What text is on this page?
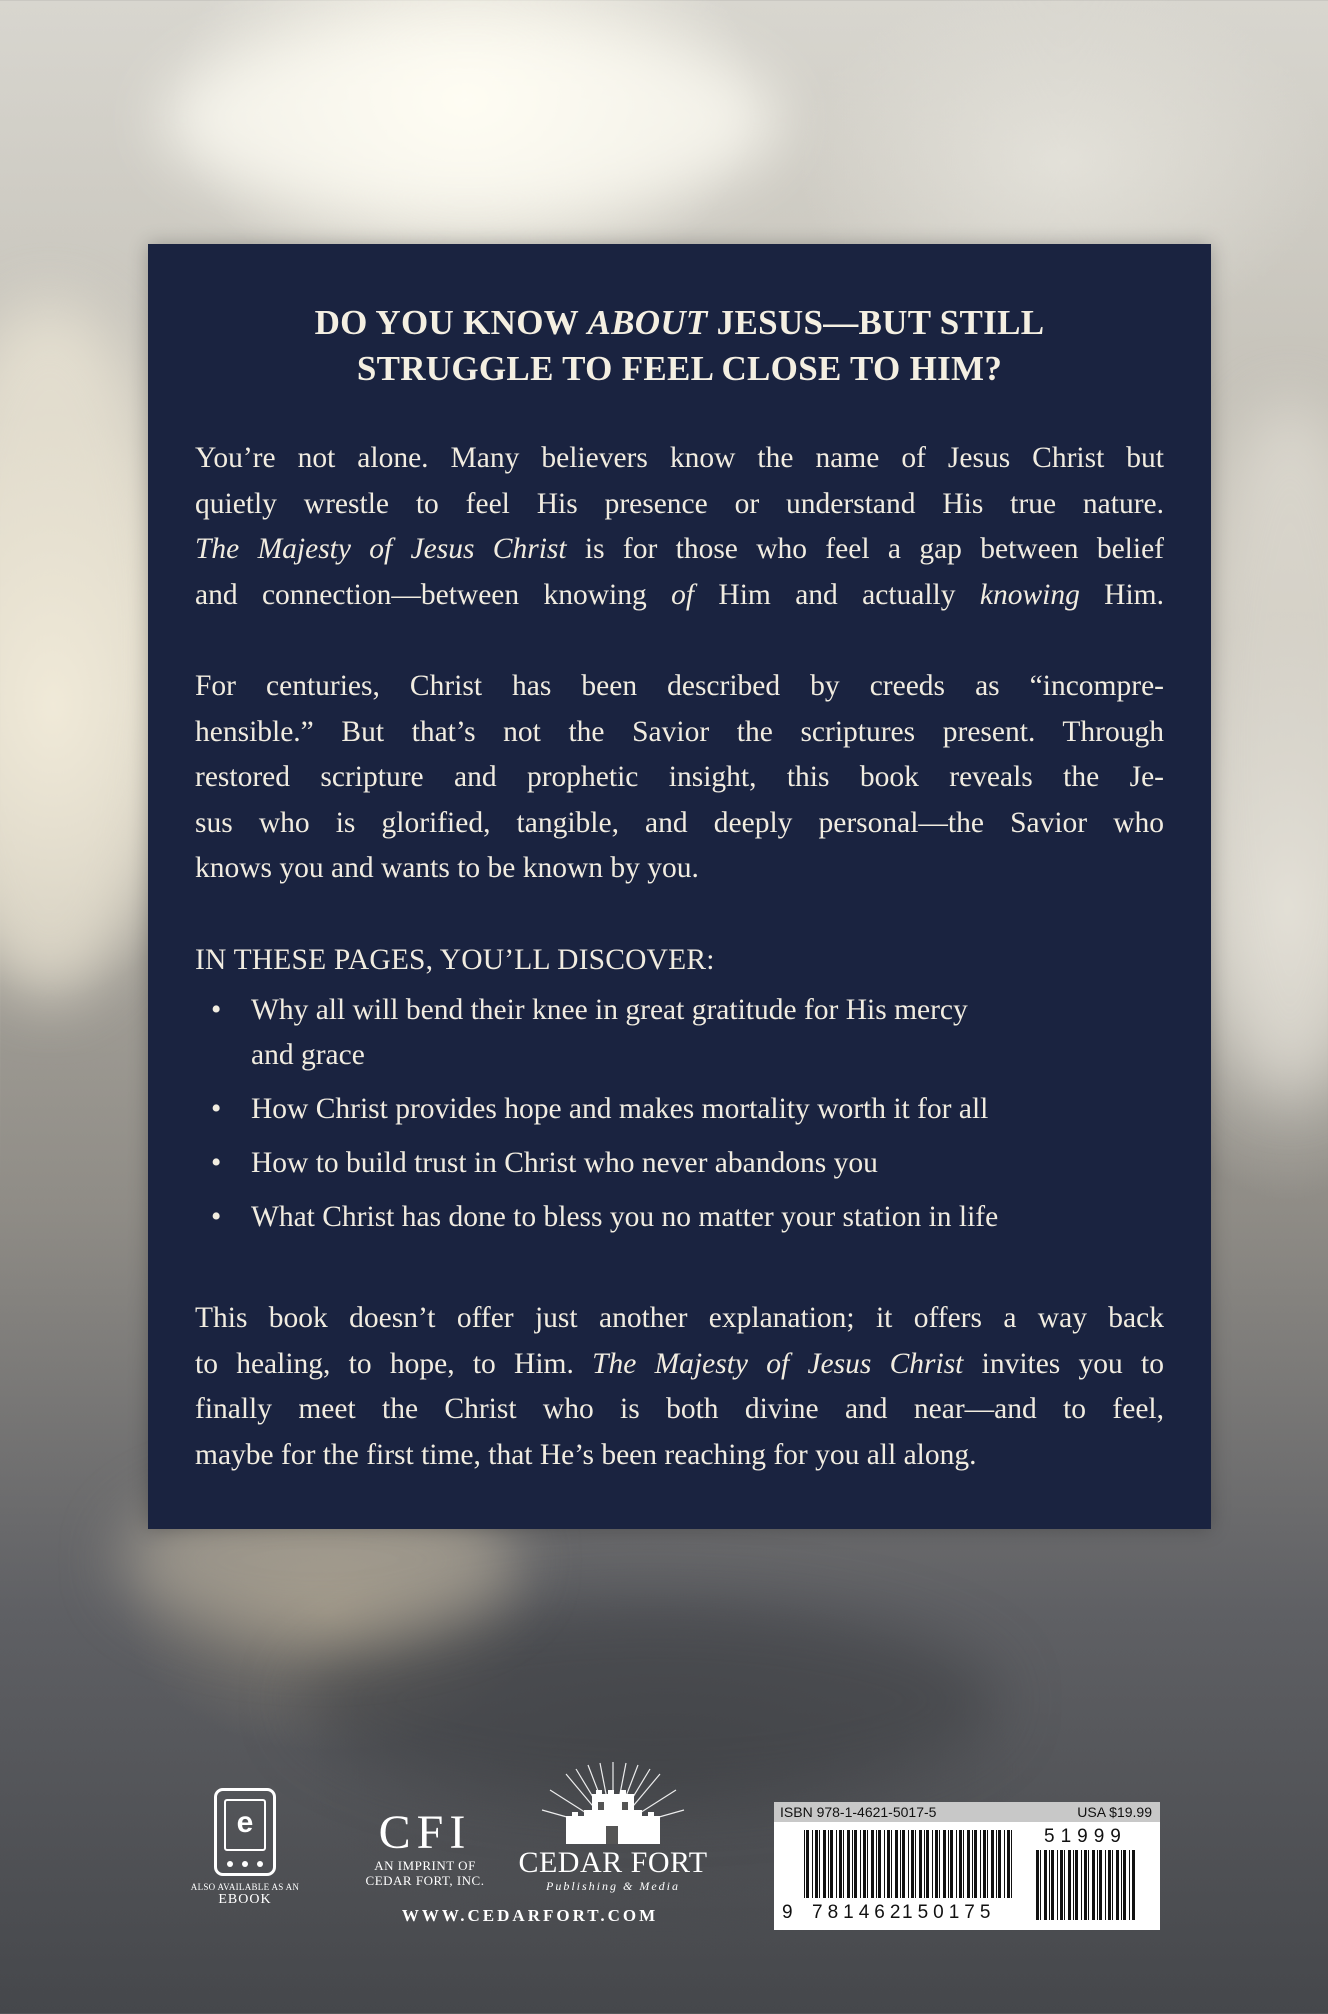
DO YOU KNOW ABOUT JESUS—BUT STILL
STRUGGLE TO FEEL CLOSE TO HIM?
You’re not alone. Many believers know the name of Jesus Christ but
quietly wrestle to feel His presence or understand His true nature.
The Majesty of Jesus Christ is for those who feel a gap between belief
and connection—between knowing of Him and actually knowing Him.
For centuries, Christ has been described by creeds as “incompre-
hensible.” But that’s not the Savior the scriptures present. Through
restored scripture and prophetic insight, this book reveals the Je-
sus who is glorified, tangible, and deeply personal—the Savior who
knows you and wants to be known by you.
IN THESE PAGES, YOU’LL DISCOVER:
• Why all will bend their knee in great gratitude for His mercy
and grace
• How Christ provides hope and makes mortality worth it for all
• How to build trust in Christ who never abandons you
• What Christ has done to bless you no matter your station in life
This book doesn’t offer just another explanation; it offers a way back
to healing, to hope, to Him. The Majesty of Jesus Christ invites you to
finally meet the Christ who is both divine and near—and to feel,
maybe for the first time, that He’s been reaching for you all along.
e
ALSO AVAILABLE AS AN
EBOOK
CFI
AN IMPRINT OF
CEDAR FORT, INC.
CEDAR FORT
Publishing & Media
WWW.CEDARFORT.COM
ISBN 978-1-4621-5017-5	USA $19.99
9 781462
150175
51999
